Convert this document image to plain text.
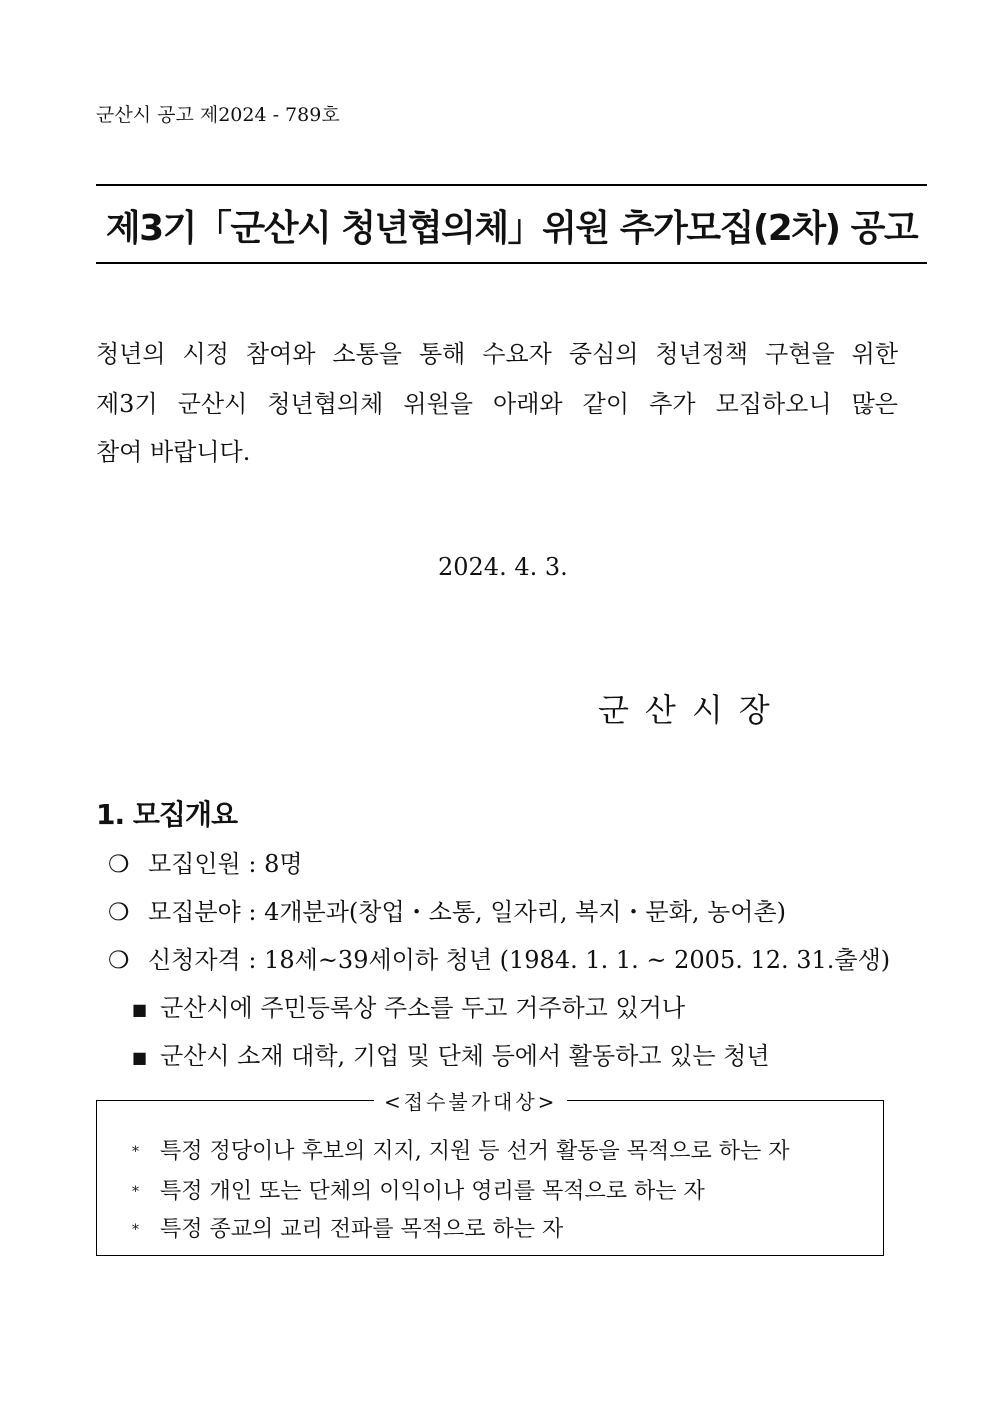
군산시 공고 제2024 - 789호
제3기「군산시 청년협의체」위원 추가모집(2차) 공고
청년의 시정 참여와 소통을 통해 수요자 중심의 청년정책 구현을 위한
제3기 군산시 청년협의체 위원을 아래와 같이 추가 모집하오니 많은
참여 바랍니다.
2024. 4. 3.
군산시장
1. 모집개요
❍ 모집인원 : 8명
❍ 모집분야 : 4개분과(창업・소통, 일자리, 복지・문화, 농어촌)
❍ 신청자격 : 18세~39세이하 청년 (1984. 1. 1. ~ 2005. 12. 31.출생)
■ 군산시에 주민등록상 주소를 두고 거주하고 있거나
■ 군산시 소재 대학, 기업 및 단체 등에서 활동하고 있는 청년
<접수불가대상>
* 특정 정당이나 후보의 지지, 지원 등 선거 활동을 목적으로 하는 자
* 특정 개인 또는 단체의 이익이나 영리를 목적으로 하는 자
* 특정 종교의 교리 전파를 목적으로 하는 자
